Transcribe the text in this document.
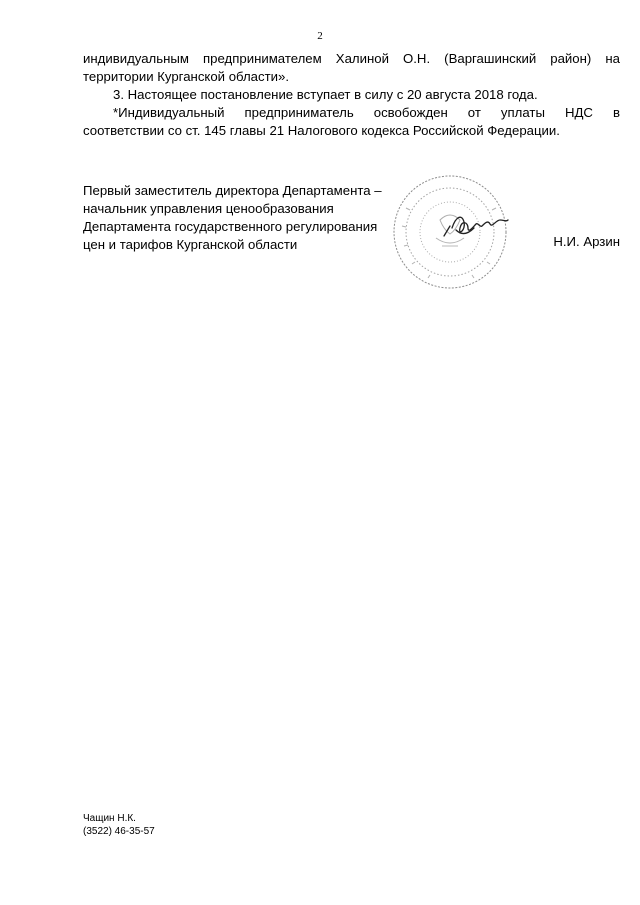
2
индивидуальным предпринимателем Халиной О.Н. (Варгашинский район) на
территории Курганской области».
3. Настоящее постановление вступает в силу с 20 августа 2018 года.
*Индивидуальный предприниматель освобожден от уплаты НДС в
соответствии со ст. 145 главы 21 Налогового кодекса Российской Федерации.
Первый заместитель директора Департамента –
начальник управления ценообразования
Департамента государственного регулирования
цен и тарифов Курганской области	Н.И. Арзин
Чащин Н.К.
(3522) 46-35-57
